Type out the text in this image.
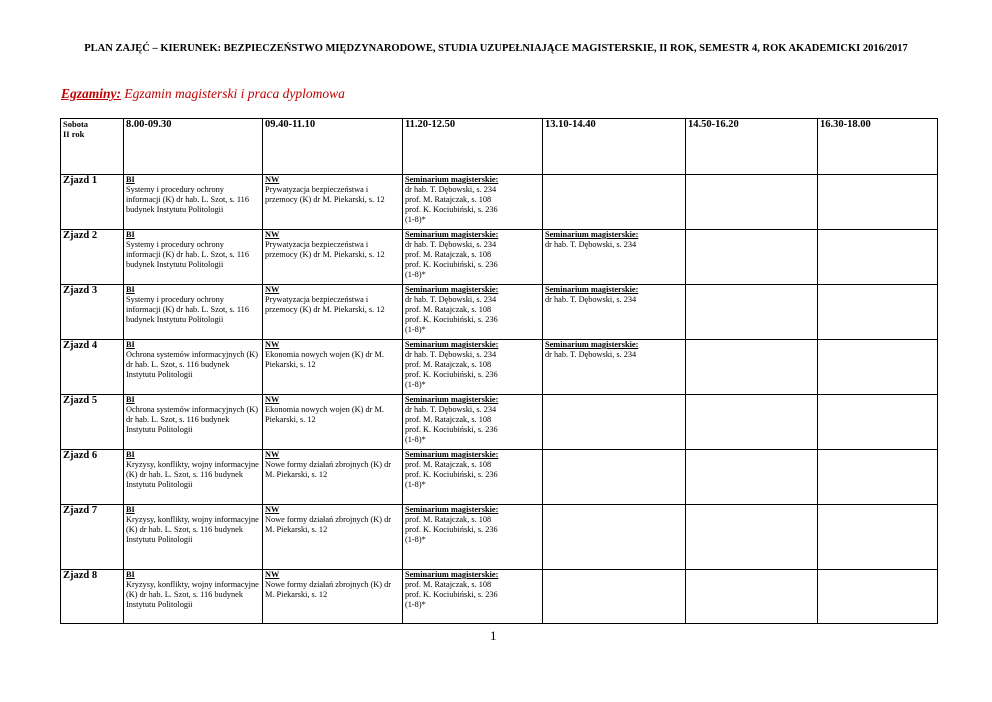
PLAN ZAJĘĆ – KIERUNEK: BEZPIECZEŃSTWO MIĘDZYNARODOWE, STUDIA UZUPEŁNIAJĄCE MAGISTERSKIE, II ROK, SEMESTR 4, ROK AKADEMICKI 2016/2017
Egzaminy: Egzamin magisterski i praca dyplomowa
Sobota
II rok	8.00-09.30	09.40-11.10	11.20-12.50	13.10-14.40	14.50-16.20	16.30-18.00
Zjazd 1	BI
Systemy i procedury ochrony informacji (K) dr hab. L. Szot, s. 116 budynek Instytutu Politologii	NW
Prywatyzacja bezpieczeństwa i przemocy (K) dr M. Piekarski, s. 12	Seminarium magisterskie:
dr hab. T. Dębowski, s. 234
prof. M. Ratajczak, s. 108
prof. K. Kociubiński, s. 236
(1-8)*			

Zjazd 2	BI
Systemy i procedury ochrony informacji (K) dr hab. L. Szot, s. 116 budynek Instytutu Politologii	NW
Prywatyzacja bezpieczeństwa i przemocy (K) dr M. Piekarski, s. 12	Seminarium magisterskie:
dr hab. T. Dębowski, s. 234
prof. M. Ratajczak, s. 108
prof. K. Kociubiński, s. 236
(1-8)*	Seminarium magisterskie:
dr hab. T. Dębowski, s. 234		

Zjazd 3	BI
Systemy i procedury ochrony informacji (K) dr hab. L. Szot, s. 116 budynek Instytutu Politologii	NW
Prywatyzacja bezpieczeństwa i przemocy (K) dr M. Piekarski, s. 12	Seminarium magisterskie:
dr hab. T. Dębowski, s. 234
prof. M. Ratajczak, s. 108
prof. K. Kociubiński, s. 236
(1-8)*	Seminarium magisterskie:
dr hab. T. Dębowski, s. 234		

Zjazd 4	BI
Ochrona systemów informacyjnych (K) dr hab. L. Szot, s. 116 budynek Instytutu Politologii	NW
Ekonomia nowych wojen (K) dr M. Piekarski, s. 12	Seminarium magisterskie:
dr hab. T. Dębowski, s. 234
prof. M. Ratajczak, s. 108
prof. K. Kociubiński, s. 236
(1-8)*	Seminarium magisterskie:
dr hab. T. Dębowski, s. 234		

Zjazd 5	BI
Ochrona systemów informacyjnych (K) dr hab. L. Szot, s. 116 budynek Instytutu Politologii	NW
Ekonomia nowych wojen (K) dr M. Piekarski, s. 12	Seminarium magisterskie:
dr hab. T. Dębowski, s. 234
prof. M. Ratajczak, s. 108
prof. K. Kociubiński, s. 236
(1-8)*			

Zjazd 6	BI
Kryzysy, konflikty, wojny informacyjne (K) dr hab. L. Szot, s. 116 budynek Instytutu Politologii	NW
Nowe formy działań zbrojnych (K) dr M. Piekarski, s. 12	Seminarium magisterskie:
prof. M. Ratajczak, s. 108
prof. K. Kociubiński, s. 236
(1-8)*			

Zjazd 7	BI
Kryzysy, konflikty, wojny informacyjne (K) dr hab. L. Szot, s. 116 budynek Instytutu Politologii	NW
Nowe formy działań zbrojnych (K) dr M. Piekarski, s. 12	Seminarium magisterskie:
prof. M. Ratajczak, s. 108
prof. K. Kociubiński, s. 236
(1-8)*			

Zjazd 8	BI
Kryzysy, konflikty, wojny informacyjne (K) dr hab. L. Szot, s. 116 budynek Instytutu Politologii	NW
Nowe formy działań zbrojnych (K) dr M. Piekarski, s. 12	Seminarium magisterskie:
prof. M. Ratajczak, s. 108
prof. K. Kociubiński, s. 236
(1-8)*			

1
